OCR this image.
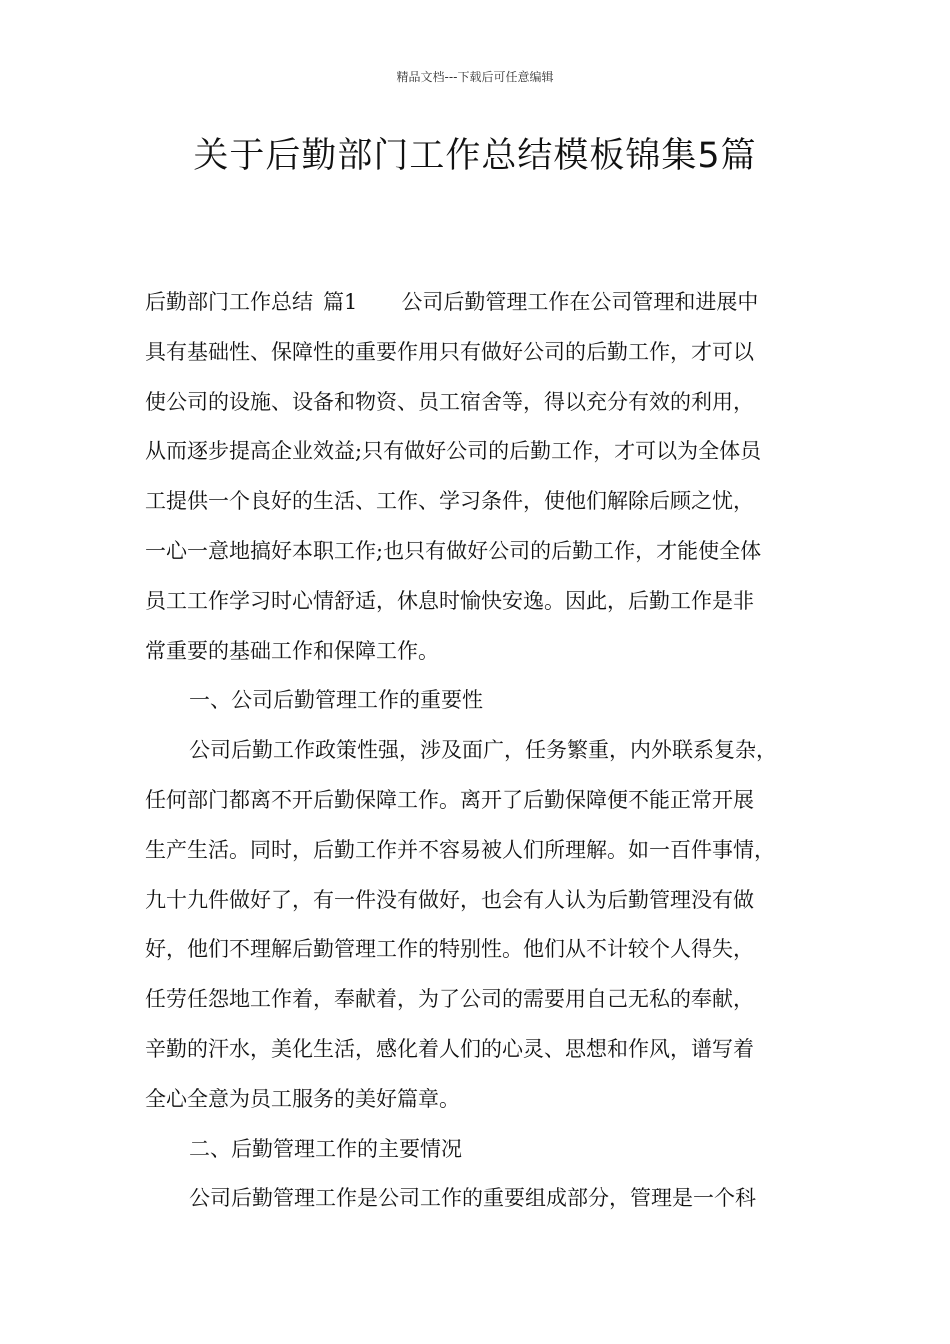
精品文档---下载后可任意编辑
关于后勤部门工作总结模板锦集5篇
后勤部门工作总结 篇1 公司后勤管理工作在公司管理和进展中
具有基础性、保障性的重要作用只有做好公司的后勤工作，才可以
使公司的设施、设备和物资、员工宿舍等，得以充分有效的利用，
从而逐步提高企业效益;只有做好公司的后勤工作，才可以为全体员
工提供一个良好的生活、工作、学习条件，使他们解除后顾之忧，
一心一意地搞好本职工作;也只有做好公司的后勤工作，才能使全体
员工工作学习时心情舒适，休息时愉快安逸。因此，后勤工作是非
常重要的基础工作和保障工作。
一、公司后勤管理工作的重要性
公司后勤工作政策性强，涉及面广，任务繁重，内外联系复杂，
任何部门都离不开后勤保障工作。离开了后勤保障便不能正常开展
生产生活。同时，后勤工作并不容易被人们所理解。如一百件事情，
九十九件做好了，有一件没有做好，也会有人认为后勤管理没有做
好，他们不理解后勤管理工作的特别性。他们从不计较个人得失，
任劳任怨地工作着，奉献着，为了公司的需要用自己无私的奉献，
辛勤的汗水，美化生活，感化着人们的心灵、思想和作风，谱写着
全心全意为员工服务的美好篇章。
二、后勤管理工作的主要情况
公司后勤管理工作是公司工作的重要组成部分，管理是一个科
